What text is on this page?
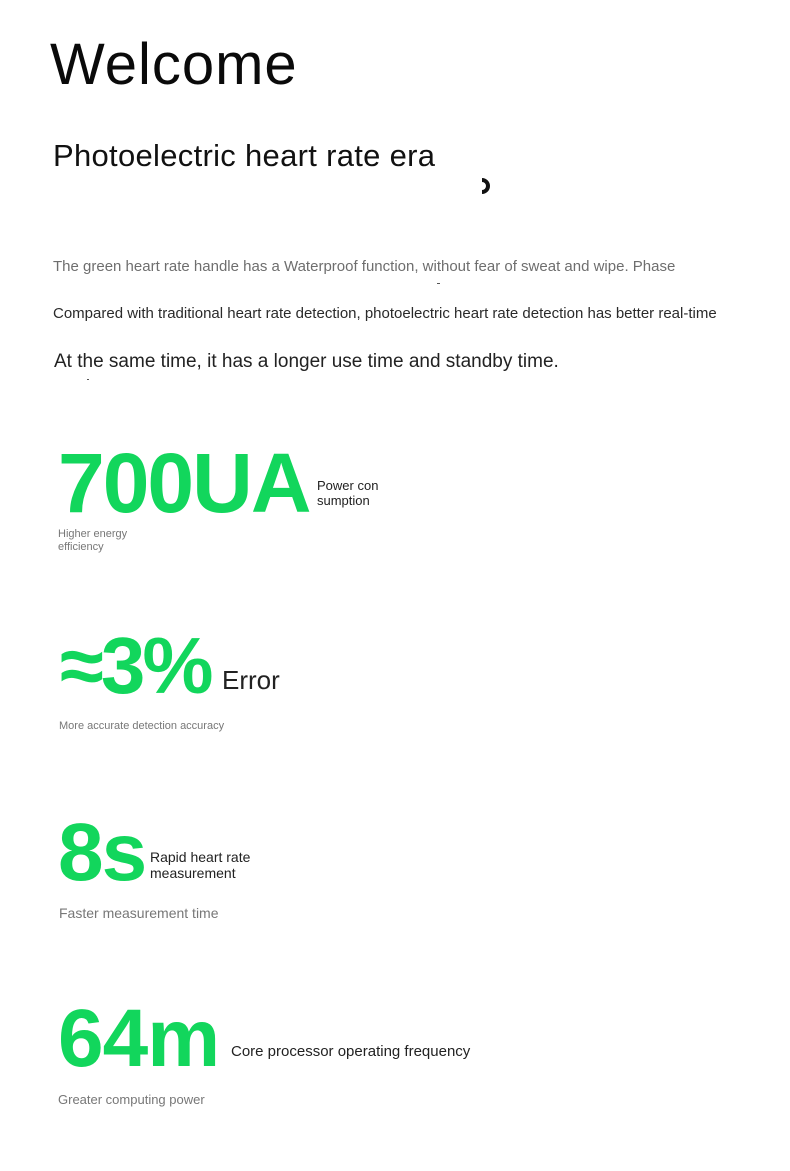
Welcome
Photoelectric heart rate era
The green heart rate handle has a Waterproof function, without fear of sweat and wipe. Phase
Compared with traditional heart rate detection, photoelectric heart rate detection has better real-time
At the same time, it has a longer use time and standby time.
700UA Power con sumption
Higher energy efficiency
≈3% Error
More accurate detection accuracy
8s Rapid heart rate measurement
Faster measurement time
64m Core processor operating frequency
Greater computing power
